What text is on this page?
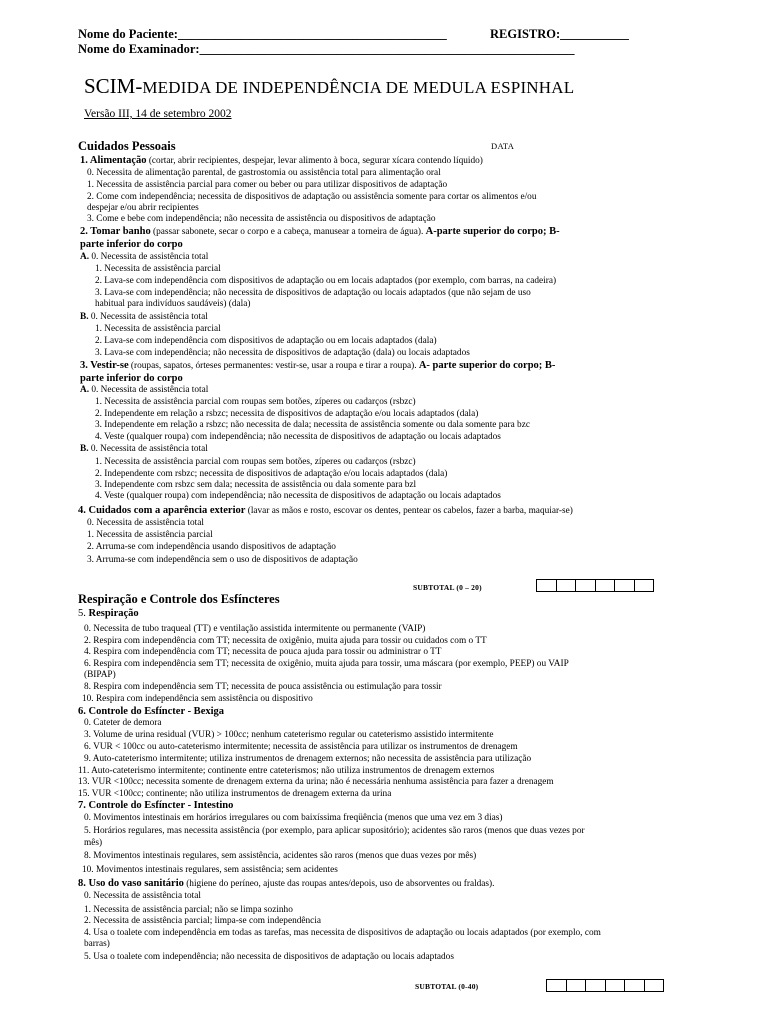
Nome do Paciente:___________________________________________	REGISTRO:___________
Nome do Examinador:____________________________________________________________
SCIM-MEDIDA DE INDEPENDÊNCIA DE MEDULA ESPINHAL
Versão III, 14 de setembro 2002
Cuidados Pessoais	DATA
1. Alimentação (cortar, abrir recipientes, despejar, levar alimento à boca, segurar xícara contendo líquido)
0. Necessita de alimentação parental, de gastrostomia ou assistência total para alimentação oral
1. Necessita de assistência parcial para comer ou beber ou para utilizar dispositivos de adaptação
2. Come com independência; necessita de dispositivos de adaptação ou assistência somente para cortar os alimentos e/ou
despejar e/ou abrir recipientes
3. Come e bebe com independência; não necessita de assistência ou dispositivos de adaptação
2. Tomar banho (passar sabonete, secar o corpo e a cabeça, manusear a torneira de água). A-parte superior do corpo; B-
parte inferior do corpo
A. 0. Necessita de assistência total
1. Necessita de assistência parcial
2. Lava-se com independência com dispositivos de adaptação ou em locais adaptados (por exemplo, com barras, na cadeira)
3. Lava-se com independência; não necessita de dispositivos de adaptação ou locais adaptados (que não sejam de uso
habitual para indivíduos saudáveis) (dala)
B. 0. Necessita de assistência total
1. Necessita de assistência parcial
2. Lava-se com independência com dispositivos de adaptação ou em locais adaptados (dala)
3. Lava-se com independência; não necessita de dispositivos de adaptação (dala) ou locais adaptados
3. Vestir-se (roupas, sapatos, órteses permanentes: vestir-se, usar a roupa e tirar a roupa). A- parte superior do corpo; B-
parte inferior do corpo
A. 0. Necessita de assistência total
1. Necessita de assistência parcial com roupas sem botões, zíperes ou cadarços (rsbzc)
2. Independente em relação a rsbzc; necessita de dispositivos de adaptação e/ou locais adaptados (dala)
3. Independente em relação a rsbzc; não necessita de dala; necessita de assistência somente ou dala somente para bzc
4. Veste (qualquer roupa) com independência; não necessita de dispositivos de adaptação ou locais adaptados
B. 0. Necessita de assistência total
1. Necessita de assistência parcial com roupas sem botões, zíperes ou cadarços (rsbzc)
2. Independente com rsbzc; necessita de dispositivos de adaptação e/ou locais adaptados (dala)
3. Independente com rsbzc sem dala; necessita de assistência ou dala somente para bzl
4. Veste (qualquer roupa) com independência; não necessita de dispositivos de adaptação ou locais adaptados
4. Cuidados com a aparência exterior (lavar as mãos e rosto, escovar os dentes, pentear os cabelos, fazer a barba, maquiar-se)
0. Necessita de assistência total
1. Necessita de assistência parcial
2. Arruma-se com independência usando dispositivos de adaptação
3. Arruma-se com independência sem o uso de dispositivos de adaptação
SUBTOTAL (0 – 20)
Respiração e Controle dos Esfíncteres
5. Respiração
0. Necessita de tubo traqueal (TT) e ventilação assistida intermitente ou permanente (VAIP)
2. Respira com independência com TT; necessita de oxigênio, muita ajuda para tossir ou cuidados com o TT
4. Respira com independência com TT; necessita de pouca ajuda para tossir ou administrar o TT
6. Respira com independência sem TT; necessita de oxigênio, muita ajuda para tossir, uma máscara (por exemplo, PEEP) ou VAIP
(BIPAP)
8. Respira com independência sem TT; necessita de pouca assistência ou estimulação para tossir
10. Respira com independência sem assistência ou dispositivo
6. Controle do Esfíncter - Bexiga
0. Cateter de demora
3. Volume de urina residual (VUR) > 100cc; nenhum cateterismo regular ou cateterismo assistido intermitente
6. VUR < 100cc ou auto-cateterismo intermitente; necessita de assistência para utilizar os instrumentos de drenagem
9. Auto-cateterismo intermitente; utiliza instrumentos de drenagem externos; não necessita de assistência para utilização
11. Auto-cateterismo intermitente; continente entre cateterismos; não utiliza instrumentos de drenagem externos
13. VUR <100cc; necessita somente de drenagem externa da urina; não é necessária nenhuma assistência para fazer a drenagem
15. VUR <100cc; continente; não utiliza instrumentos de drenagem externa da urina
7. Controle do Esfíncter - Intestino
0. Movimentos intestinais em horários irregulares ou com baixíssima freqüência (menos que uma vez em 3 dias)
5. Horários regulares, mas necessita assistência (por exemplo, para aplicar supositório); acidentes são raros (menos que duas vezes por
mês)
8. Movimentos intestinais regulares, sem assistência, acidentes são raros (menos que duas vezes por mês)
10. Movimentos intestinais regulares, sem assistência; sem acidentes
8. Uso do vaso sanitário (higiene do períneo, ajuste das roupas antes/depois, uso de absorventes ou fraldas).
0. Necessita de assistência total
1. Necessita de assistência parcial; não se limpa sozinho
2. Necessita de assistência parcial; limpa-se com independência
4. Usa o toalete com independência em todas as tarefas, mas necessita de dispositivos de adaptação ou locais adaptados (por exemplo, com
barras)
5. Usa o toalete com independência; não necessita de dispositivos de adaptação ou locais adaptados
SUBTOTAL (0-40)
